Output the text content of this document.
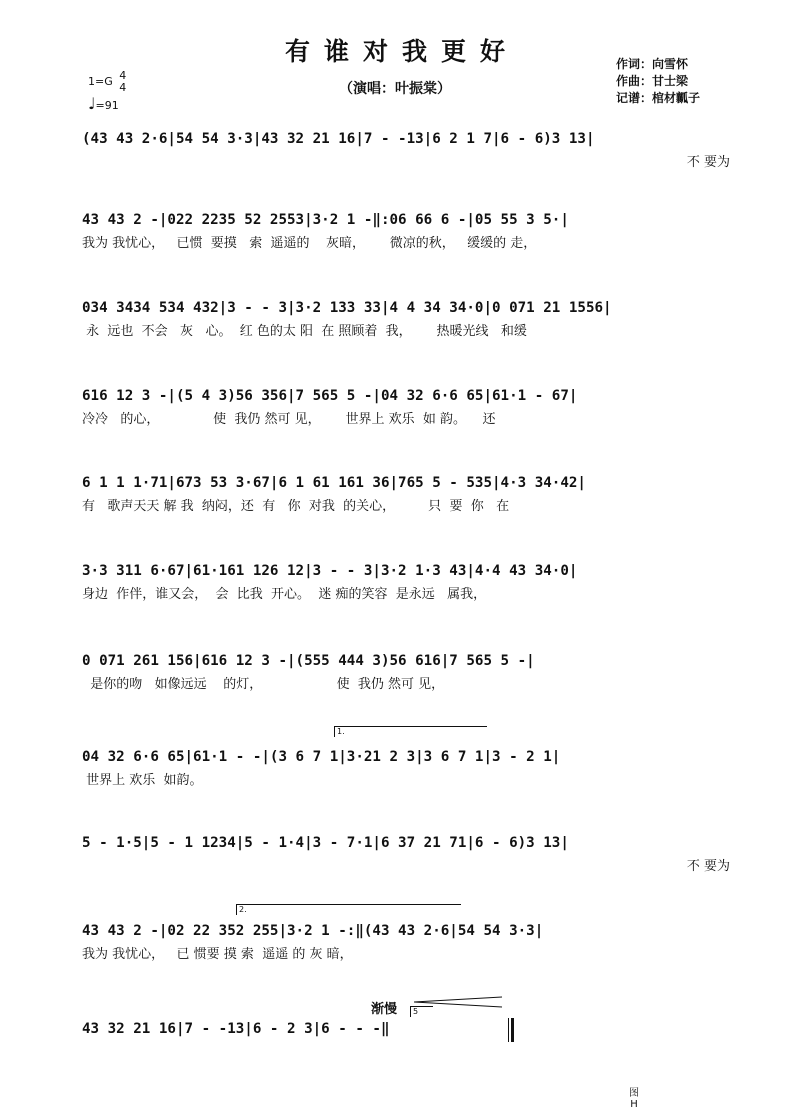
有谁对我更好
（演唱：叶振棠）
1=G 4
4
♩=91
作词：向雪怀
作曲：甘士梁
记谱：棺材瓤子
(43 43 2·6|54 54 3·3|43 32 21 16|7 - -13|6 2 1 7|6 - 6)3 13|
不 要为
43 43 2 -|022 2235 52 2553|3·2 1 -‖:06 66 6 -|05 55 3 5·|
我为 我忧心，   已惯  要摸   索  遥遥的    灰暗，      微凉的秋，   缓缓的 走，
034 3434 534 432|3 - - 3|3·2 133 33|4 4 34 34·0|0 071 21 1556|
永  远也  不会   灰   心。  红 色的太 阳  在 照顾着  我，      热暖光线   和缓
616 12 3 -|(5 4 3)56 356|7 565 5 -|04 32 6·6 65|61·1 - 67|
冷冷   的心，             使  我仍 然可 见，      世界上 欢乐  如 韵。    还
6 1 1 1·71|673 53 3·67|6 1 61 161 36|765 5 - 535|4·3 34·42|
有   歌声天天 解 我  纳闷，还  有   你  对我  的关心，        只  要  你   在
3·3 311 6·67|61·161 126 12|3 - - 3|3·2 1·3 43|4·4 43 34·0|
身边  作伴，谁又会，  会  比我  开心。  迷 痴的笑容  是永远   属我，
0 071 261 156|616 12 3 -|(555 444 3)56 616|7 565 5 -|
是你的吻   如像远远    的灯，                  使  我仍 然可 见，
04 32 6·6 65|61·1 - -|(3 6 7 1|3·21 2 3|3 6 7 1|3 - 2 1|
世界上 欢乐  如韵。
5 - 1·5|5 - 1 1234|5 - 1·4|3 - 7·1|6 37 21 71|6 - 6)3 13|
不 要为
43 43 2 -|02 22 352 255|3·2 1 -:‖(43 43 2·6|54 54 3·3|
我为 我忧心，   已 惯要 摸 索  遥遥 的 灰 暗，
43 32 21 16|7 - -13|6 - 2 3|6 - - -‖
1.
2.
5
渐慢
图 H
